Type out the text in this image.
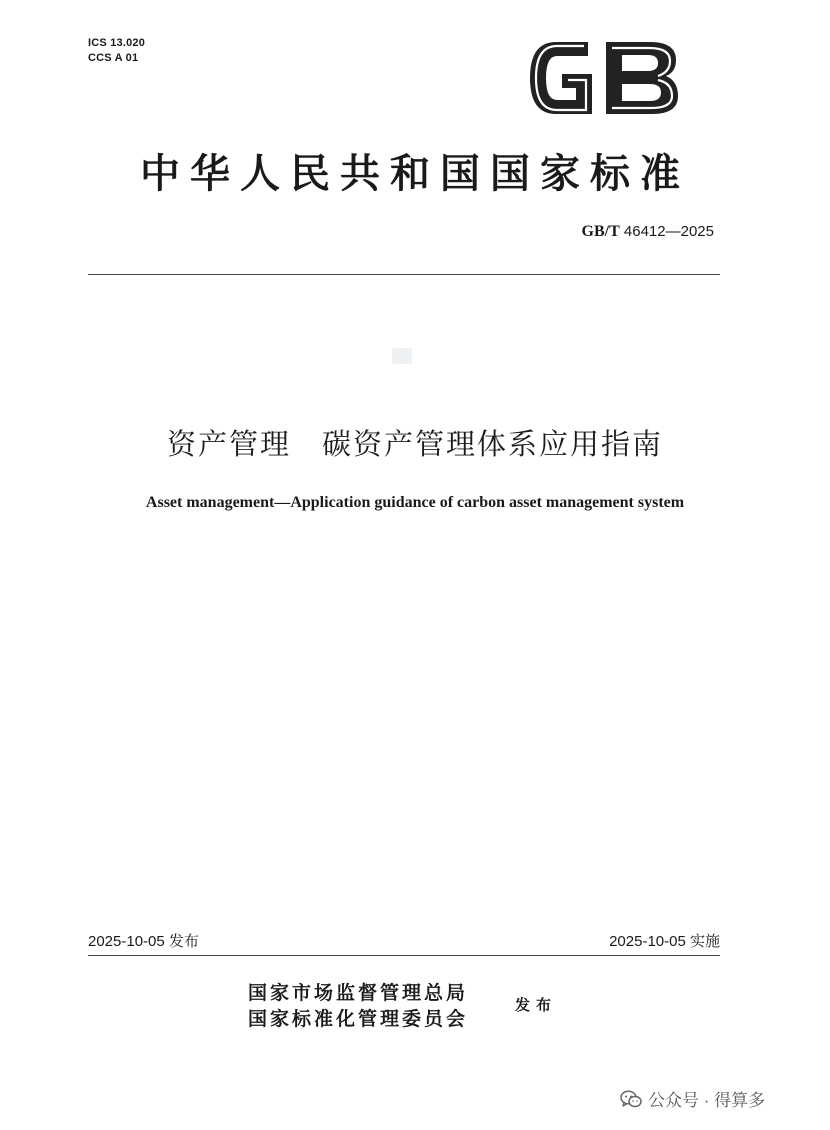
ICS 13.020
CCS A 01
中华人民共和国国家标准
GB/T 46412—2025
资产管理　碳资产管理体系应用指南
Asset management—Application guidance of carbon asset management system
2025-10-05 发布	2025-10-05 实施
国家市场监督管理总局
国家标准化管理委员会
发布
公众号 · 得算多
